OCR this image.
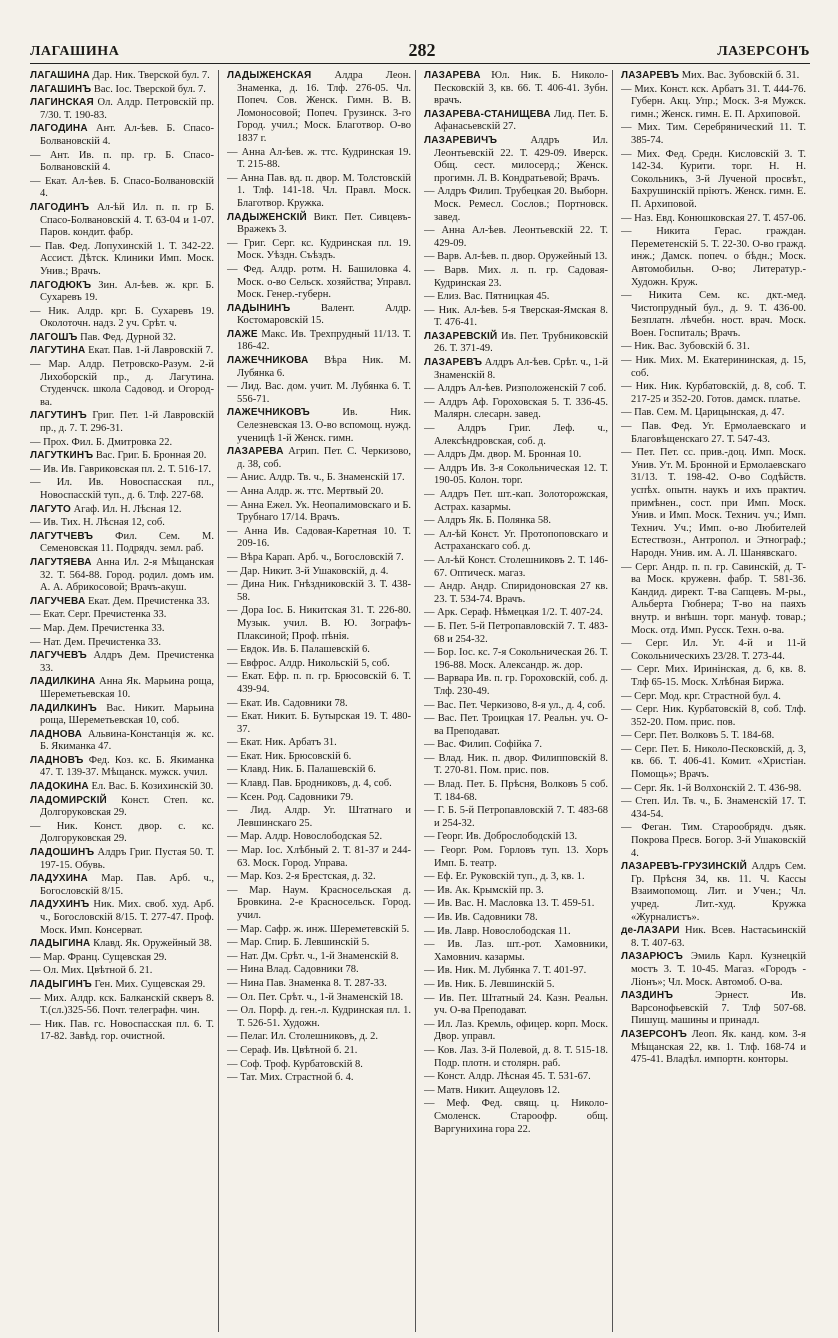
ЛАГАШИНА	282	ЛАЗЕРСОНЪ
ЛАГАШИНА Дар. Ник. Тверской бул. 7.
ЛАГАШИНЪ Вас. Іос. Тверской бул. 7.
ЛАГИНСКАЯ Ол. Алдр. Петровскій пр. 7/30. Т. 190-83.
ЛАГОДИНА Ант. Ал-ѣев. Б. Спасо-Болвановскій 4.
— Ант. Ив. п. пр. гр. Б. Спасо-Болвановскій 4.
— Екат. Ал-ѣев. Б. Спасо-Болвановскій 4.
ЛАГОДИНЪ Ал-ѣй Ил. п. п. гр Б. Спасо-Болвановскій 4. Т. 63-04 и 1-07. Паров. кондит. фабр.
— Пав. Фед. Лопухинскій 1. Т. 342-22. Ассист. Дѣтск. Клиники Имп. Моск. Унив.; Врачъ.
ЛАГОДЮКЪ Зин. Ал-ѣев. ж. крг. Б. Сухаревъ 19.
— Ник. Алдр. крг. Б. Сухаревъ 19. Околоточн. надз. 2 уч. Срѣт. ч.
ЛАГОШЪ Пав. Фед. Дурной 32.
ЛАГУТИНА Екат. Пав. 1-й Лавровскій 7.
— Мар. Алдр. Петровско-Разум. 2-й Лихоборскій пр., д. Лагутина. Студенчск. школа Садовод. и Огород-ва.
ЛАГУТИНЪ Григ. Пет. 1-й Лавровскій пр., д. 7. Т. 296-31.
— Прох. Фил. Б. Дмитровка 22.
ЛАГУТКИНЪ Вас. Григ. Б. Бронная 20.
— Ив. Ив. Гавриковская пл. 2. Т. 516-17.
— Ил. Ив. Новоспасская пл., Новоспасскій туп., д. 6. Тлф. 227-68.
ЛАГУТО Агаф. Ил. Н. Лѣсная 12.
— Ив. Тих. Н. Лѣсная 12, соб.
ЛАГУТЧЕВЪ Фил. Сем. М. Семеновская 11. Подрядч. земл. раб.
ЛАГУТЯЕВА Анна Ил. 2-я Мѣщанская 32. Т. 564-88. Город. родил. домъ им. А. А. Абрикосовой; Врачъ-акуш.
ЛАГУЧЕВА Екат. Дем. Пречистенка 33.
— Екат. Серг. Пречистенка 33.
— Мар. Дем. Пречистенка 33.
— Нат. Дем. Пречистенка 33.
ЛАГУЧЕВЪ Алдръ Дем. Пречистенка 33.
ЛАДИЛКИНА Анна Як. Марьина роща, Шереметьевская 10.
ЛАДИЛКИНЪ Вас. Никит. Марьина роща, Шереметьевская 10, соб.
ЛАДНОВА Альвина-Констанція ж. кс. Б. Якиманка 47.
ЛАДНОВЪ Фед. Коз. кс. Б. Якиманка 47. Т. 139-37. Мѣщанск. мужск. учил.
ЛАДОКИНА Ел. Вас. Б. Козихинскій 30.
ЛАДОМИРСКІЙ Конст. Степ. кс. Долгоруковская 29.
— Ник. Конст. двор. с. кс. Долгоруковская 29.
ЛАДОШИНЪ Алдръ Григ. Пустая 50. Т. 197-15. Обувь.
ЛАДУХИНА Мар. Пав. Арб. ч., Богословскій 8/15.
ЛАДУХИНЪ Ник. Мих. своб. худ. Арб. ч., Богословскій 8/15. Т. 277-47. Проф. Моск. Имп. Консерват.
ЛАДЫГИНА Клавд. Як. Оружейный 38.
— Мар. Франц. Сущевская 29.
— Ол. Мих. Цвѣтной б. 21.
ЛАДЫГИНЪ Ген. Мих. Сущевская 29.
— Мих. Алдр. кск. Балканскій скверъ 8. Т.(сл.)325-56. Почт. телеграфн. чин.
— Ник. Пав. гс. Новоспасская пл. 6. Т. 17-82. Завѣд. гор. очистной.
ЛАДЫЖЕНСКАЯ Алдра Леон. Знаменка, д. 16. Тлф. 276-05. Чл. Попеч. Сов. Женск. Гимн. В. В. Ломоносовой; Попеч. Грузинск. 3-го Город. учил.; Моск. Благотвор. О-во 1837 г.
— Анна Ал-ѣев. ж. ттс. Кудринская 19. Т. 215-88.
— Анна Пав. вд. п. двор. М. Толстовскій 1. Тлф. 141-18. Чл. Правл. Моск. Благотвор. Кружка.
ЛАДЫЖЕНСКІЙ Викт. Пет. Сивцевъ-Вражекъ 3.
— Григ. Серг. кс. Кудринская пл. 19. Моск. Уѣздн. Съѣздъ.
— Фед. Алдр. ротм. Н. Башиловка 4. Моск. о-во Сельск. хозяйства; Управл. Моск. Генер.-губерн.
ЛАДЫНИНЪ Валент. Алдр. Костомаровскій 15.
ЛАЖЕ Макс. Ив. Трехпрудный 11/13. Т. 186-42.
ЛАЖЕЧНИКОВА Вѣра Ник. М. Лубянка 6.
— Лид. Вас. дом. учит. М. Лубянка 6. Т. 556-71.
ЛАЖЕЧНИКОВЪ Ив. Ник. Селезневская 13. О-во вспомощ. нужд. ученицѣ 1-й Женск. гимн.
ЛАЗАРЕВА Агрип. Пет. С. Черкизово, д. 38, соб.
— Анис. Алдр. Тв. ч., Б. Знаменскій 17.
— Анна Алдр. ж. ттс. Мертвый 20.
— Анна Ежел. Ук. Неопалимовскаго и Б. Трубнаго 17/14. Врачъ.
— Анна Ив. Садовая-Каретная 10. Т. 209-16.
— Вѣра Карап. Арб. ч., Богословскій 7.
— Дар. Никит. 3-й Ушаковскій, д. 4.
— Дина Ник. Гнѣздниковскій 3. Т. 438-58.
— Дора Іос. Б. Никитская 31. Т. 226-80. Музык. учил. В. Ю. Зографъ-Плаксиной; Проф. пѣнія.
— Евдок. Ив. Б. Палашевскій 6.
— Евфрос. Алдр. Никольскій 5, соб.
— Екат. Ефр. п. п. гр. Брюсовскій 6. Т. 439-94.
— Екат. Ив. Садовники 78.
— Екат. Никит. Б. Бутырская 19. Т. 480-37.
— Екат. Ник. Арбатъ 31.
— Екат. Ник. Брюсовскій 6.
— Клавд. Ник. Б. Палашевскій 6.
— Клавд. Пав. Бродниковъ, д. 4, соб.
— Ксен. Род. Садовники 79.
— Лид. Алдр. Уг. Штатнаго и Левшинскаго 25.
— Мар. Алдр. Новослободская 52.
— Мар. Іос. Хлѣбный 2. Т. 81-37 и 244-63. Моск. Город. Управа.
— Мар. Коз. 2-я Брестская, д. 32.
— Мар. Наум. Красносельская д. Бровкина. 2-е Красносельск. Город. учил.
— Мар. Сафр. ж. инж. Шереметевскій 5.
— Мар. Спир. Б. Левшинскій 5.
— Нат. Дм. Срѣт. ч., 1-й Знаменскій 8.
— Нина Влад. Садовники 78.
— Нина Пав. Знаменка 8. Т. 287-33.
— Ол. Пет. Срѣт. ч., 1-й Знаменскій 18.
— Ол. Порф. д. ген.-л. Кудринская пл. 1. Т. 526-51. Художн.
— Пелаг. Ил. Столешниковъ, д. 2.
— Сераф. Ив. Цвѣтной б. 21.
— Соф. Троф. Курбатовскій 8.
— Тат. Мих. Страстной б. 4.
ЛАЗАРЕВА Юл. Ник. Б. Николо-Песковскій 3, кв. 66. Т. 406-41. Зубн. врачъ.
ЛАЗАРЕВА-СТАНИЩЕВА Лид. Пет. Б. Афанасьевскій 27.
ЛАЗАРЕВИЧЪ Алдръ Ил. Леонтьевскій 22. Т. 429-09. Иверск. Общ. сест. милосерд.; Женск. прогимн. Л. В. Кондратьевой; Врачъ.
— Алдръ Филип. Трубецкая 20. Выборн. Моск. Ремесл. Сослов.; Портновск. завед.
— Анна Ал-ѣев. Леонтьевскій 22. Т. 429-09.
— Варв. Ал-ѣев. п. двор. Оружейный 13.
— Варв. Мих. л. п. гр. Садовая-Кудринская 23.
— Елиз. Вас. Пятницкая 45.
— Ник. Ал-ѣев. 5-я Тверская-Ямская 8. Т. 476-41.
ЛАЗАРЕВСКІЙ Ив. Пет. Трубниковскій 26. Т. 371-49.
ЛАЗАРЕВЪ Алдръ Ал-ѣев. Срѣт. ч., 1-й Знаменскій 8.
— Алдръ Ал-ѣев. Ризположенскій 7 соб.
— Алдръ Аф. Гороховская 5. Т. 336-45. Малярн. слесарн. завед.
— Алдръ Григ. Леф. ч., Алексѣндровская, соб. д.
— Алдръ Дм. двор. М. Бронная 10.
— Алдръ Ив. 3-я Сокольническая 12. Т. 190-05. Колон. торг.
— Алдръ Пет. шт.-кап. Золоторожская, Астрах. казармы.
— Алдръ Як. Б. Полянка 58.
— Ал-ѣй Конст. Уг. Протопоповскаго и Астраханскаго соб. д.
— Ал-ѣй Конст. Столешниковъ 2. Т. 146-67. Оптическ. магаз.
— Андр. Андр. Спиридоновская 27 кв. 23. Т. 534-74. Врачъ.
— Арк. Сераф. Нѣмецкая 1/2. Т. 407-24.
— Б. Пет. 5-й Петропавловскій 7. Т. 483-68 и 254-32.
— Бор. Іос. кс. 7-я Сокольническая 26. Т. 196-88. Моск. Александр. ж. дор.
— Варвара Ив. п. гр. Гороховскій, соб. д. Тлф. 230-49.
— Вас. Пет. Черкизово, 8-я ул., д. 4, соб.
— Вас. Пет. Троицкая 17. Реальн. уч. О-ва Преподават.
— Вас. Филип. Софійка 7.
— Влад. Ник. п. двор. Филипповскій 8. Т. 270-81. Пом. прис. пов.
— Влад. Пет. Б. Прѣсня, Волковъ 5 соб. Т. 184-68.
— Г. Б. 5-й Петропавловскій 7. Т. 483-68 и 254-32.
— Георг. Ив. Доброслободскій 13.
— Георг. Ром. Горловъ туп. 13. Хоръ Имп. Б. театр.
— Еф. Ег. Руковскій туп., д. 3, кв. 1.
— Ив. Ак. Крымскій пр. 3.
— Ив. Вас. Н. Масловка 13. Т. 459-51.
— Ив. Ив. Садовники 78.
— Ив. Лавр. Новослободская 11.
— Ив. Лаз. шт.-рот. Хамовники, Хамовнич. казармы.
— Ив. Ник. М. Лубянка 7. Т. 401-97.
— Ив. Ник. Б. Левшинскій 5.
— Ив. Пет. Штатный 24. Казн. Реальн. уч. О-ва Преподават.
— Ил. Лаз. Кремль, офицер. корп. Моск. Двор. управл.
— Ков. Лаз. 3-й Полевой, д. 8. Т. 515-18. Подр. плотн. и столярн. раб.
— Конст. Алдр. Лѣсная 45. Т. 531-67.
— Матв. Никит. Ащеуловъ 12.
— Меф. Фед. свящ. ц. Николо-Смоленск. Староофр. общ. Варгунихина гора 22.
ЛАЗАРЕВЪ Мих. Вас. Зубовскій б. 31.
— Мих. Конст. кск. Арбатъ 31. Т. 444-76. Губерн. Акц. Упр.; Моск. 3-я Мужск. гимн.; Женск. гимн. Е. П. Архиповой.
— Мих. Тим. Серебрянический 11. Т. 385-74.
— Мих. Фед. Средн. Кисловскій 3. Т. 142-34. Курити. торг. Н. Н. Сокольникъ, 3-й Лученой просвѣт., Бахрушинскій пріютъ. Женск. гимн. Е. П. Архиповой.
— Наз. Евд. Конюшковская 27. Т. 457-06.
— Никита Герас. граждан. Переметенскій 5. Т. 22-30. О-во гражд. инж.; Дамск. попеч. о бѣдн.; Моск. Автомобильн. О-во; Литератур.-Художн. Круж.
— Никита Сем. кс. дкт.-мед. Чистопрудный бул., д. 9. Т. 436-00. Безплатн. лѣчебн. ност. врач. Моск. Воен. Госпиталь; Врачъ.
— Ник. Вас. Зубовскій б. 31.
— Ник. Мих. М. Екатерининская, д. 15, соб.
— Ник. Ник. Курбатовскій, д. 8, соб. Т. 217-25 и 352-20. Готов. дамск. платье.
— Пав. Сем. М. Царицынская, д. 47.
— Пав. Фед. Уг. Ермолаевскаго и Благовѣщенскаго 27. Т. 547-43.
— Пет. Пет. сс. прив.-доц. Имп. Моск. Унив. Ут. М. Бронной и Ермолаевскаго 31/13. Т. 198-42. О-во Содѣйств. успѣх. опытн. наукъ и ихъ практич. примѣнен., сост. при Имп. Моск. Унив. и Имп. Моск. Технич. уч.; Имп. Технич. Уч.; Имп. о-во Любителей Естествозн., Антропол. и Этнограф.; Народн. Унив. им. А. Л. Шанявскаго.
— Серг. Андр. п. п. гр. Савинскій, д. Т-ва Моск. кружевн. фабр. Т. 581-36. Кандид. директ. Т-ва Сапцевъ. М-ры., Альберта Гюбнера; Т-во на паяхъ внутр. и внѣшн. торг. мануф. товар.; Моск. отд. Имп. Русск. Техн. о-ва.
— Серг. Ил. Уг. 4-й и 11-й Сокольническихъ 23/28. Т. 273-44.
— Серг. Мих. Иринінская, д. 6, кв. 8. Тлф 65-15. Моск. Хлѣбная Биржа.
— Серг. Мод. крг. Страстной бул. 4.
— Серг. Ник. Курбатовскій 8, соб. Тлф. 352-20. Пом. прис. пов.
— Серг. Пет. Волковъ 5. Т. 184-68.
— Серг. Пет. Б. Николо-Песковскій, д. 3, кв. 66. Т. 406-41. Комит. «Христіан. Помощь»; Врачъ.
— Серг. Як. 1-й Волхонскій 2. Т. 436-98.
— Степ. Ил. Тв. ч., Б. Знаменскій 17. Т. 434-54.
— Феган. Тим. Старообрядч. дъяк. Покрова Пресв. Богор. 3-й Ушаковскій 4.
ЛАЗАРЕВЪ-ГРУЗИНСКІЙ Алдръ Сем. Гр. Прѣсня 34, кв. 11. Ч. Кассы Взаимопомощ. Лит. и Учен.; Чл. учред. Лит.-худ. Кружка «Журналистъ».
де-ЛАЗАРИ Ник. Всев. Настасьинскій 8. Т. 407-63.
ЛАЗАРЮСЪ Эмиль Карл. Кузнецкій мостъ 3. Т. 10-45. Магаз. «Городъ - Ліонъ»; Чл. Моск. Автомоб. О-ва.
ЛАЗДИНЪ Эрнест. Ив. Варсонофьевскій 7. Тлф 507-68. Пишущ. машины и принадл.
ЛАЗЕРСОНЪ Леоп. Як. канд. ком. 3-я Мѣщанская 22, кв. 1. Тлф. 168-74 и 475-41. Владѣл. импортн. конторы.
